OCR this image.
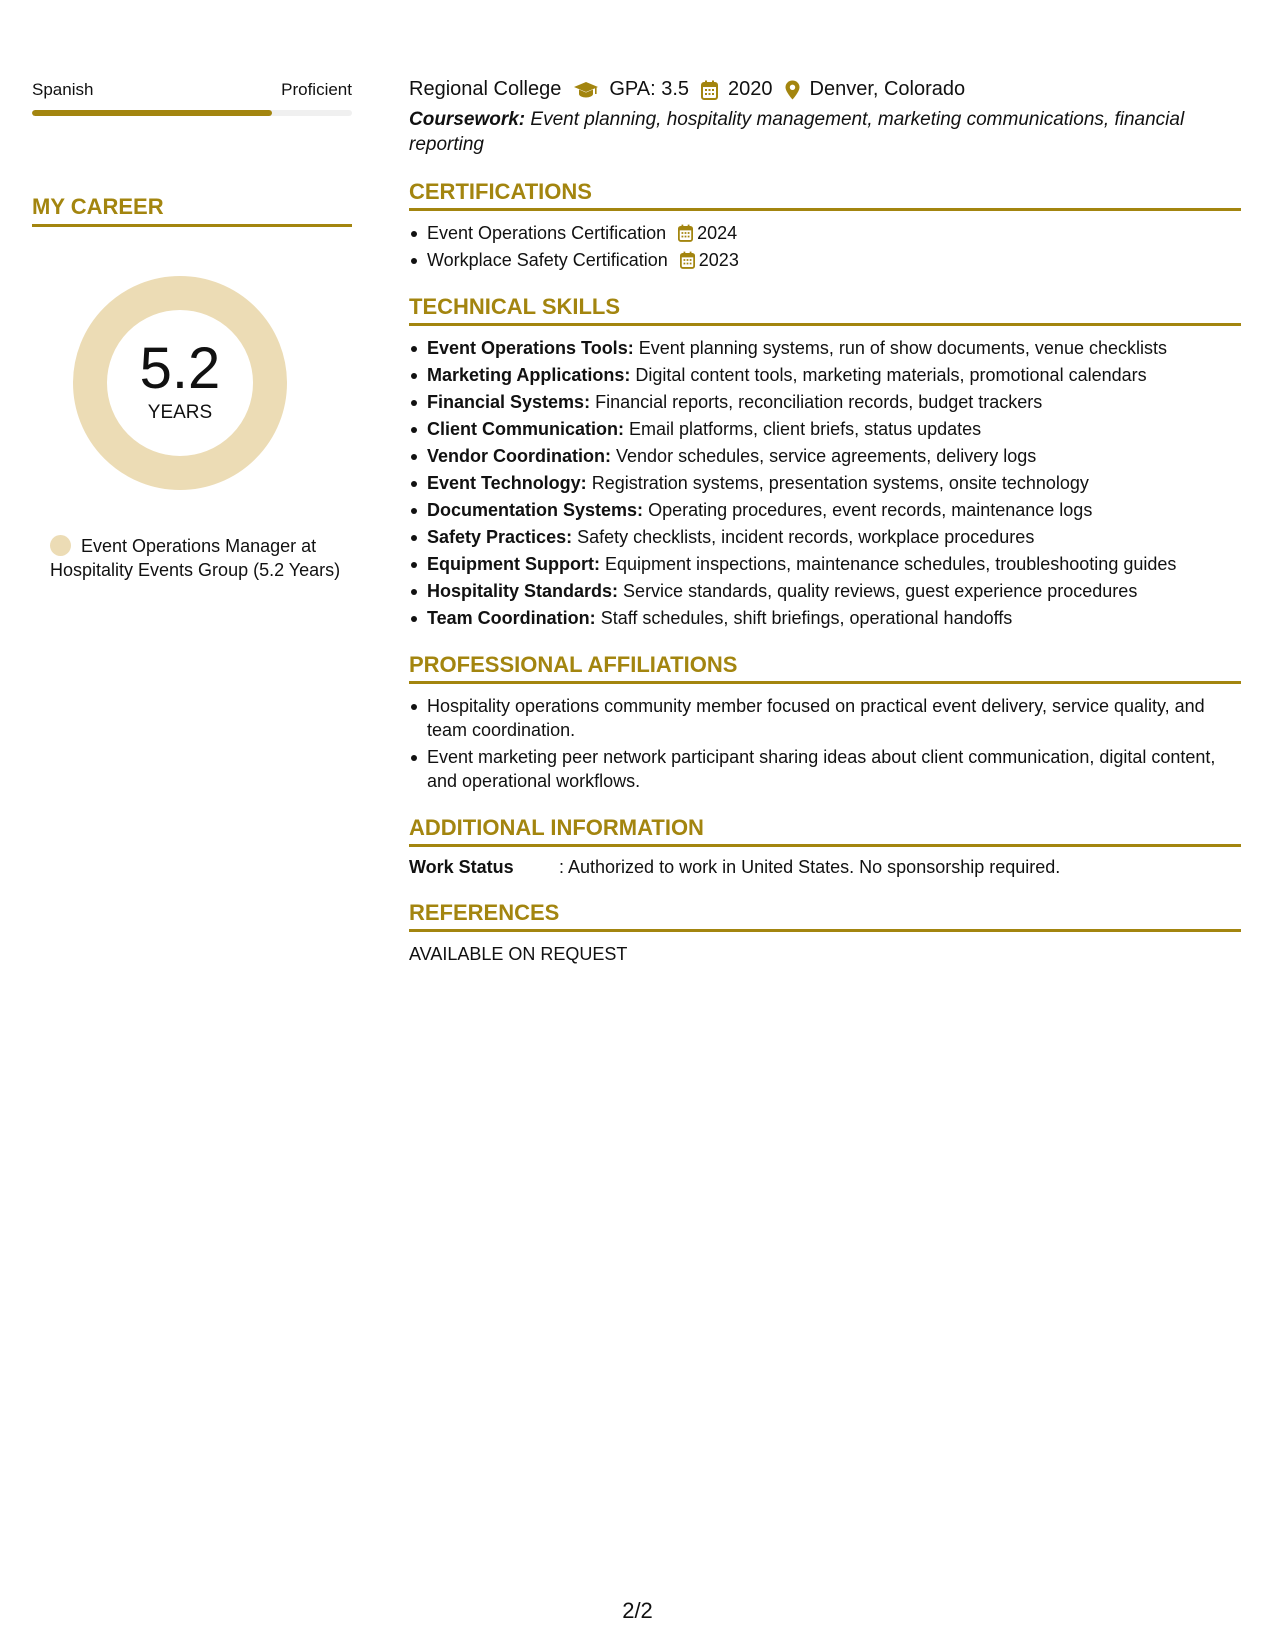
Spanish	Proficient
MY CAREER
5.2
YEARS
Event Operations Manager at Hospitality Events Group (5.2 Years)
Regional College GPA: 3.5 2020 Denver, Colorado
Coursework: Event planning, hospitality management, marketing communications, financial reporting
CERTIFICATIONS
Event Operations Certification 2024
Workplace Safety Certification 2023
TECHNICAL SKILLS
Event Operations Tools: Event planning systems, run of show documents, venue checklists
Marketing Applications: Digital content tools, marketing materials, promotional calendars
Financial Systems: Financial reports, reconciliation records, budget trackers
Client Communication: Email platforms, client briefs, status updates
Vendor Coordination: Vendor schedules, service agreements, delivery logs
Event Technology: Registration systems, presentation systems, onsite technology
Documentation Systems: Operating procedures, event records, maintenance logs
Safety Practices: Safety checklists, incident records, workplace procedures
Equipment Support: Equipment inspections, maintenance schedules, troubleshooting guides
Hospitality Standards: Service standards, quality reviews, guest experience procedures
Team Coordination: Staff schedules, shift briefings, operational handoffs
PROFESSIONAL AFFILIATIONS
Hospitality operations community member focused on practical event delivery, service quality, and team coordination.
Event marketing peer network participant sharing ideas about client communication, digital content, and operational workflows.
ADDITIONAL INFORMATION
Work Status	: Authorized to work in United States. No sponsorship required.
REFERENCES
AVAILABLE ON REQUEST
2/2
